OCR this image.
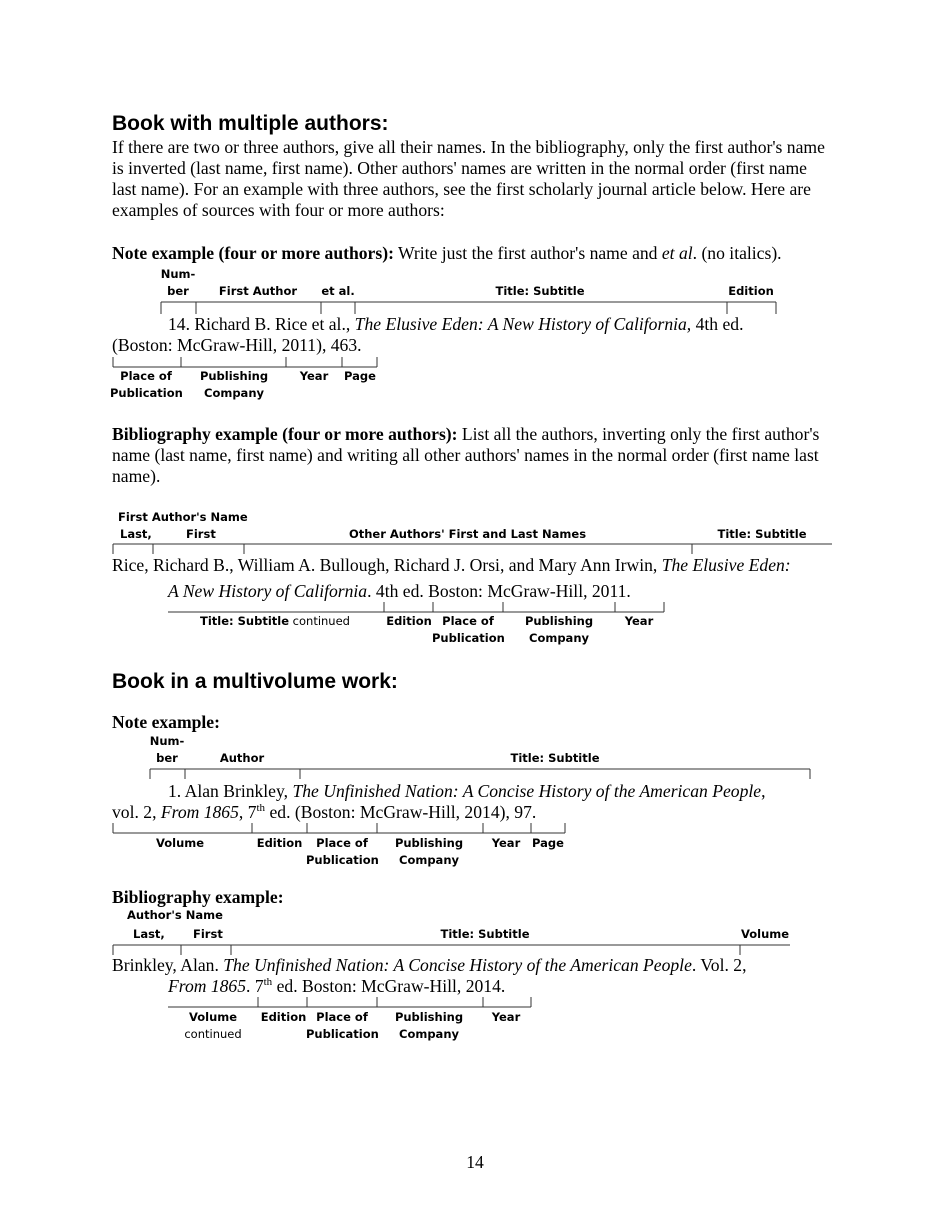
Book with multiple authors:
If there are two or three authors, give all their names. In the bibliography, only the first author's name is inverted (last name, first name). Other authors' names are written in the normal order (first name last name). For an example with three authors, see the first scholarly journal article below. Here are examples of sources with four or more authors:
Note example (four or more authors): Write just the first author's name and et al. (no italics).
Num-
ber	First Author	et al.	Title: Subtitle	Edition
14. Richard B. Rice et al., The Elusive Eden: A New History of California, 4th ed.
(Boston: McGraw-Hill, 2011), 463.
Place of
Publication
Publishing
Company
Year	Page
Bibliography example (four or more authors): List all the authors, inverting only the first author's name (last name, first name) and writing all other authors' names in the normal order (first name last name).
First Author's Name
Last,	First	Other Authors' First and Last Names	Title: Subtitle
Rice, Richard B., William A. Bullough, Richard J. Orsi, and Mary Ann Irwin, The Elusive Eden:
A New History of California. 4th ed. Boston: McGraw-Hill, 2011.
Title: Subtitle continued	Edition Place of
Publication
Publishing
Company
Year
Book in a multivolume work:
Note example:
Num-
ber	Author	Title: Subtitle
1. Alan Brinkley, The Unfinished Nation: A Concise History of the American People,
vol. 2, From 1865, 7th ed. (Boston: McGraw-Hill, 2014), 97.
Volume	Edition	Place of
Publication
Publishing
Company
Year	Page
Bibliography example:
Author's Name
Last, First	Title: Subtitle	Volume
Brinkley, Alan. The Unfinished Nation: A Concise History of the American People. Vol. 2,
From 1865. 7th ed. Boston: McGraw-Hill, 2014.
Volume
continued
Edition Place of
Publication
Publishing
Company
Year
14
